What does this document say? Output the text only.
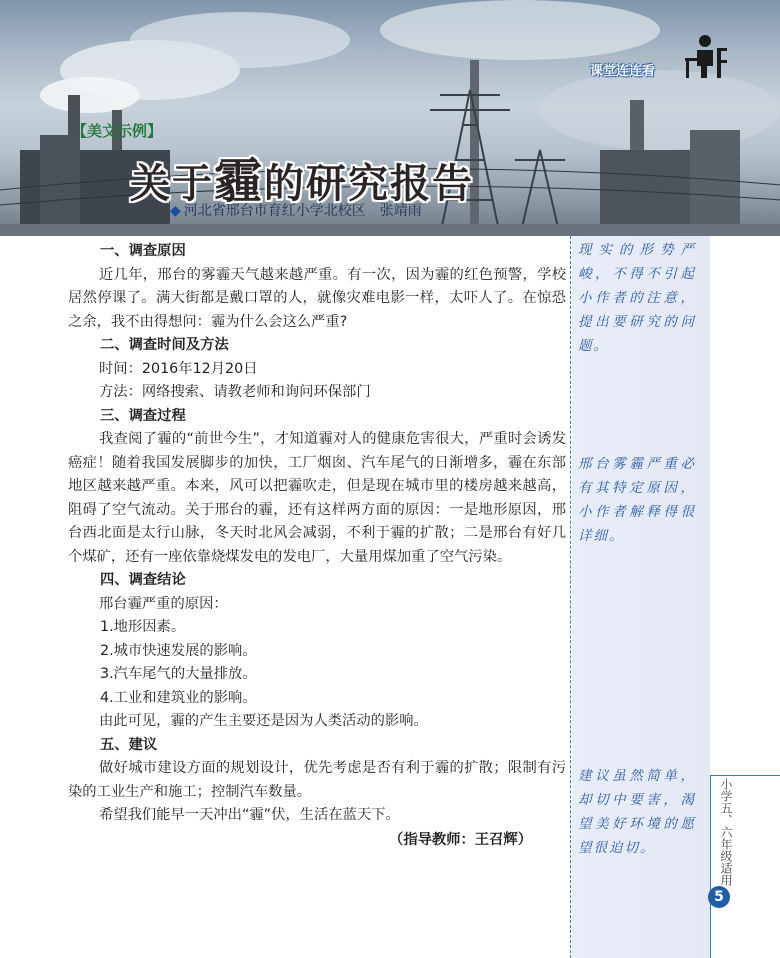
课堂连连看
【美文示例】
关于霾的研究报告
◆ 河北省邢台市育红小学北校区 张靖雨
现实的形势严峻，不得不引起小作者的注意，提出要研究的问题。
邢台雾霾严重必有其特定原因，小作者解释得很详细。
建议虽然简单，却切中要害，渴望美好环境的愿望很迫切。	小学五、六年级适用
5

一、调查原因

近几年，邢台的雾霾天气越来越严重。有一次，因为霾的红色预警，学校居然停课了。满大街都是戴口罩的人，就像灾难电影一样，太吓人了。在惊恐之余，我不由得想问：霾为什么会这么严重?

二、调查时间及方法

时间：2016年12月20日

方法：网络搜索、请教老师和询问环保部门

三、调查过程

我查阅了霾的“前世今生”，才知道霾对人的健康危害很大，严重时会诱发癌症！随着我国发展脚步的加快，工厂烟囱、汽车尾气的日渐增多，霾在东部地区越来越严重。本来，风可以把霾吹走，但是现在城市里的楼房越来越高，阻碍了空气流动。关于邢台的霾，还有这样两方面的原因：一是地形原因，邢台西北面是太行山脉，冬天时北风会减弱，不利于霾的扩散；二是邢台有好几个煤矿，还有一座依靠烧煤发电的发电厂，大量用煤加重了空气污染。

四、调查结论

邢台霾严重的原因：

1.地形因素。

2.城市快速发展的影响。

3.汽车尾气的大量排放。

4.工业和建筑业的影响。

由此可见，霾的产生主要还是因为人类活动的影响。

五、建议

做好城市建设方面的规划设计，优先考虑是否有利于霾的扩散；限制有污染的工业生产和施工；控制汽车数量。

希望我们能早一天冲出“霾”伏，生活在蓝天下。

（指导教师：王召辉）
